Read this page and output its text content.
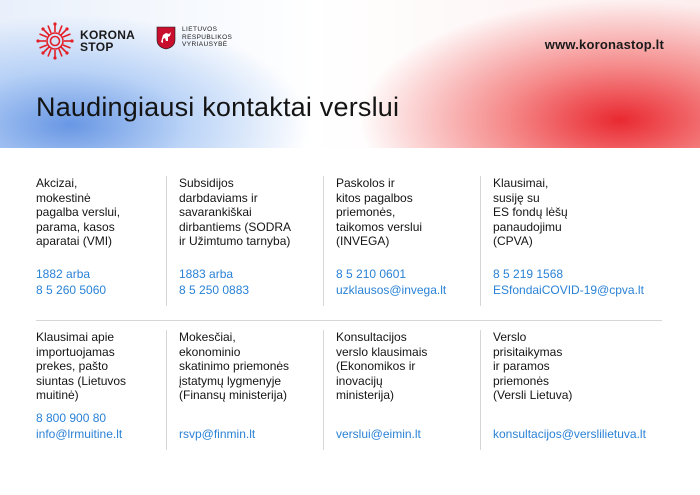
KORONA
STOP
LIETUVOS
RESPUBLIKOS
VYRIAUSYBĖ	www.koronastop.lt
Naudingiausi kontaktai verslui

Akcizai,
mokestinė
pagalba verslui,
parama, kasos
aparatai (VMI)

1882 arba
8 5 260 5060

Subsidijos
darbdaviams ir
savarankiškai
dirbantiems (SODRA
ir Užimtumo tarnyba)

1883 arba
8 5 250 0883

Paskolos ir
kitos pagalbos
priemonės,
taikomos verslui
(INVEGA)

8 5 210 0601
uzklausos@invega.lt

Klausimai,
susiję su
ES fondų lėšų
panaudojimu
(CPVA)

8 5 219 1568
ESfondaiCOVID-19@cpva.lt

Klausimai apie
importuojamas
prekes, pašto
siuntas (Lietuvos
muitinė)

8 800 900 80
info@lrmuitine.lt

Mokesčiai,
ekonominio
skatinimo priemonės
įstatymų lygmenyje
(Finansų ministerija)

rsvp@finmin.lt

Konsultacijos
verslo klausimais
(Ekonomikos ir
inovacijų
ministerija)

verslui@eimin.lt

Verslo
prisitaikymas
ir paramos
priemonės
(Versli Lietuva)

konsultacijos@verslilietuva.lt
